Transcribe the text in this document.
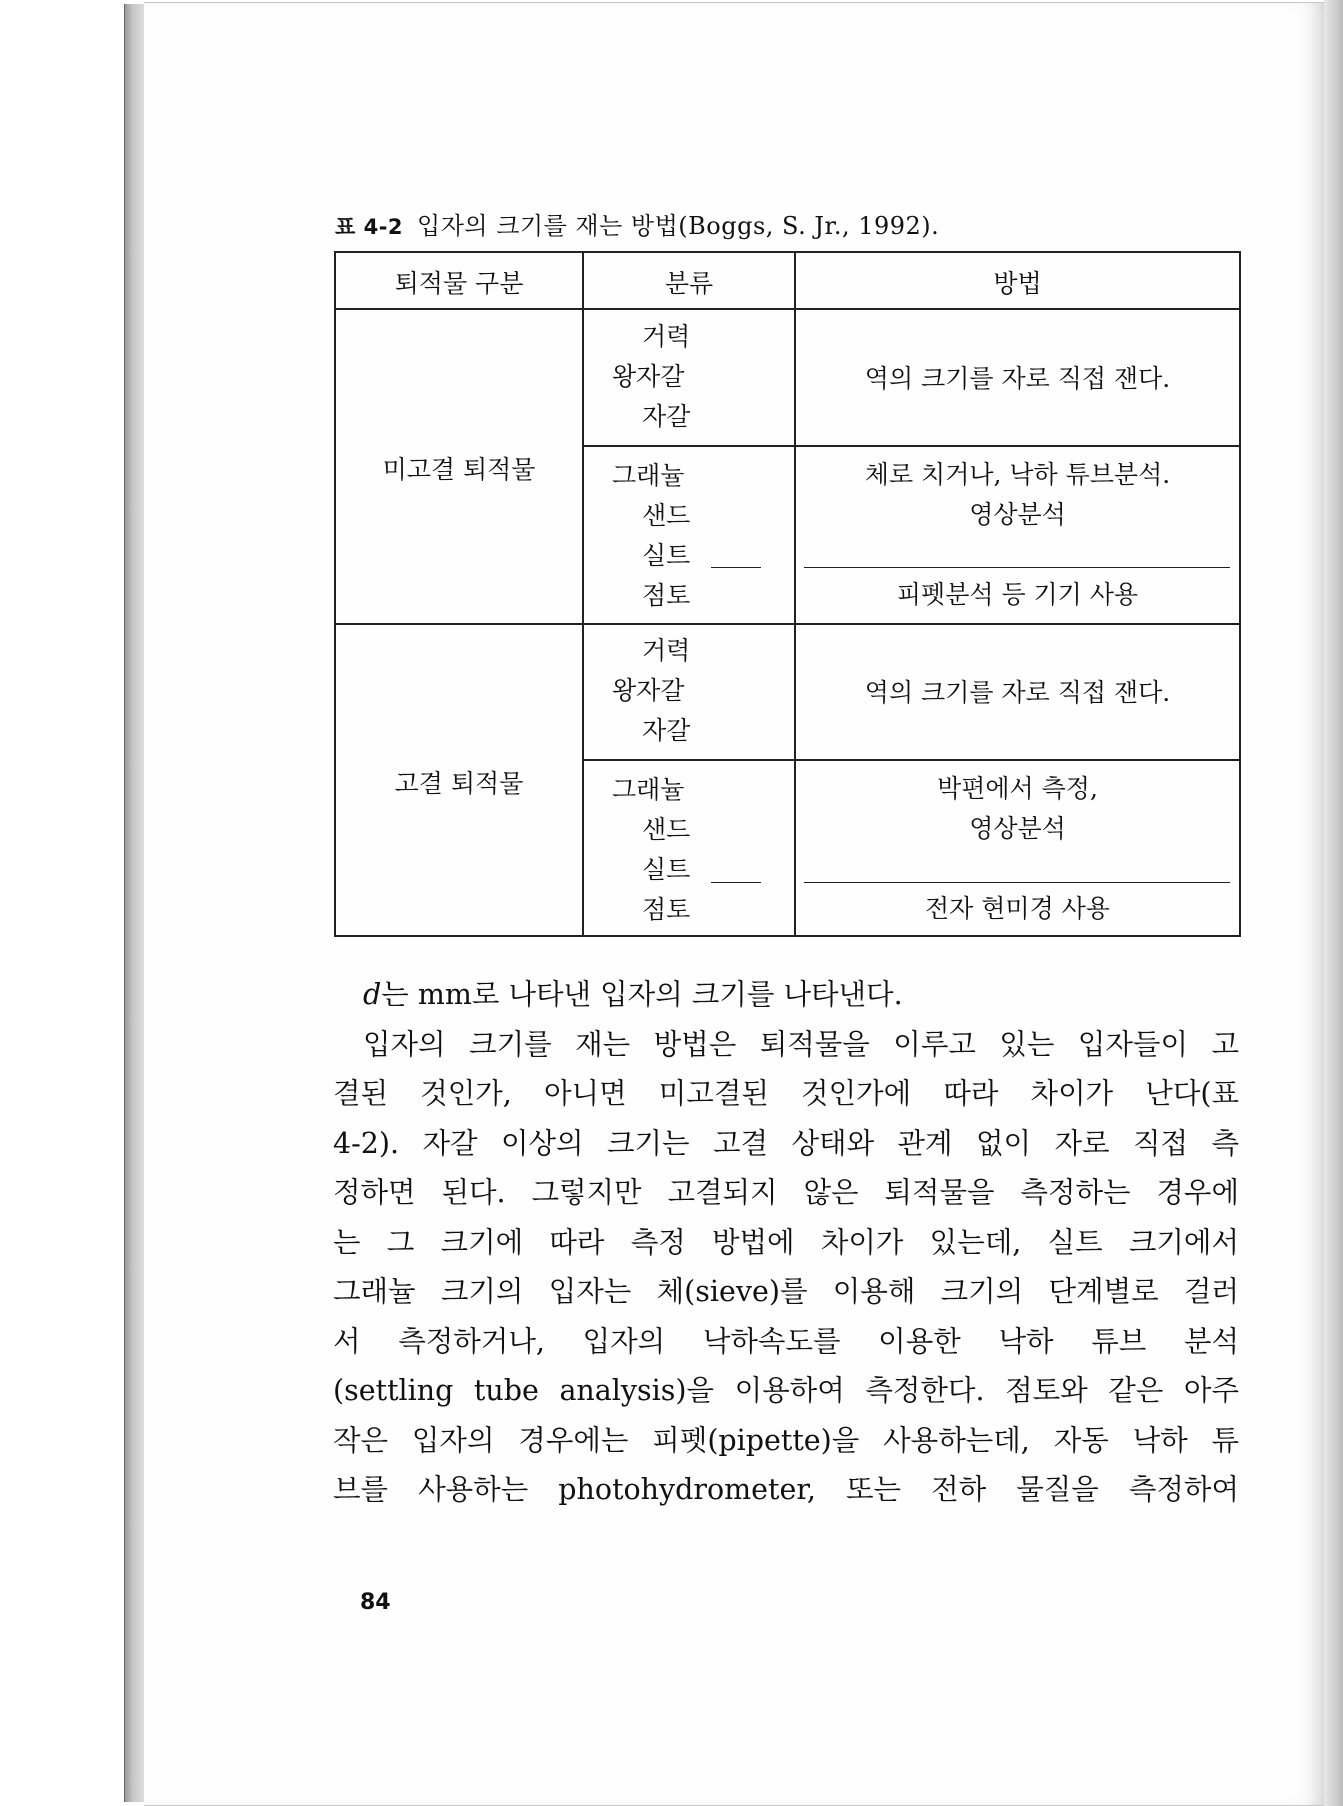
표 4-2 입자의 크기를 재는 방법(Boggs, S. Jr., 1992).
퇴적물 구분	분류	방법
미고결 퇴적물
거력
왕자갈
자갈
역의 크기를 자로 직접 잰다.
그래뉼
샌드
실트
점토
체로 치거나, 낙하 튜브분석.
영상분석
피펫분석 등 기기 사용
고결 퇴적물
거력
왕자갈
자갈
역의 크기를 자로 직접 잰다.
그래뉼
샌드
실트
점토
박편에서 측정,
영상분석
전자 현미경 사용

d는 mm로 나타낸 입자의 크기를 나타낸다.

입자의 크기를 재는 방법은 퇴적물을 이루고 있는 입자들이 고

결된 것인가, 아니면 미고결된 것인가에 따라 차이가 난다(표

4-2). 자갈 이상의 크기는 고결 상태와 관계 없이 자로 직접 측

정하면 된다. 그렇지만 고결되지 않은 퇴적물을 측정하는 경우에

는 그 크기에 따라 측정 방법에 차이가 있는데, 실트 크기에서

그래뉼 크기의 입자는 체(sieve)를 이용해 크기의 단계별로 걸러

서 측정하거나, 입자의 낙하속도를 이용한 낙하 튜브 분석

(settling tube analysis)을 이용하여 측정한다. 점토와 같은 아주

작은 입자의 경우에는 피펫(pipette)을 사용하는데, 자동 낙하 튜

브를 사용하는 photohydrometer, 또는 전하 물질을 측정하여

84
